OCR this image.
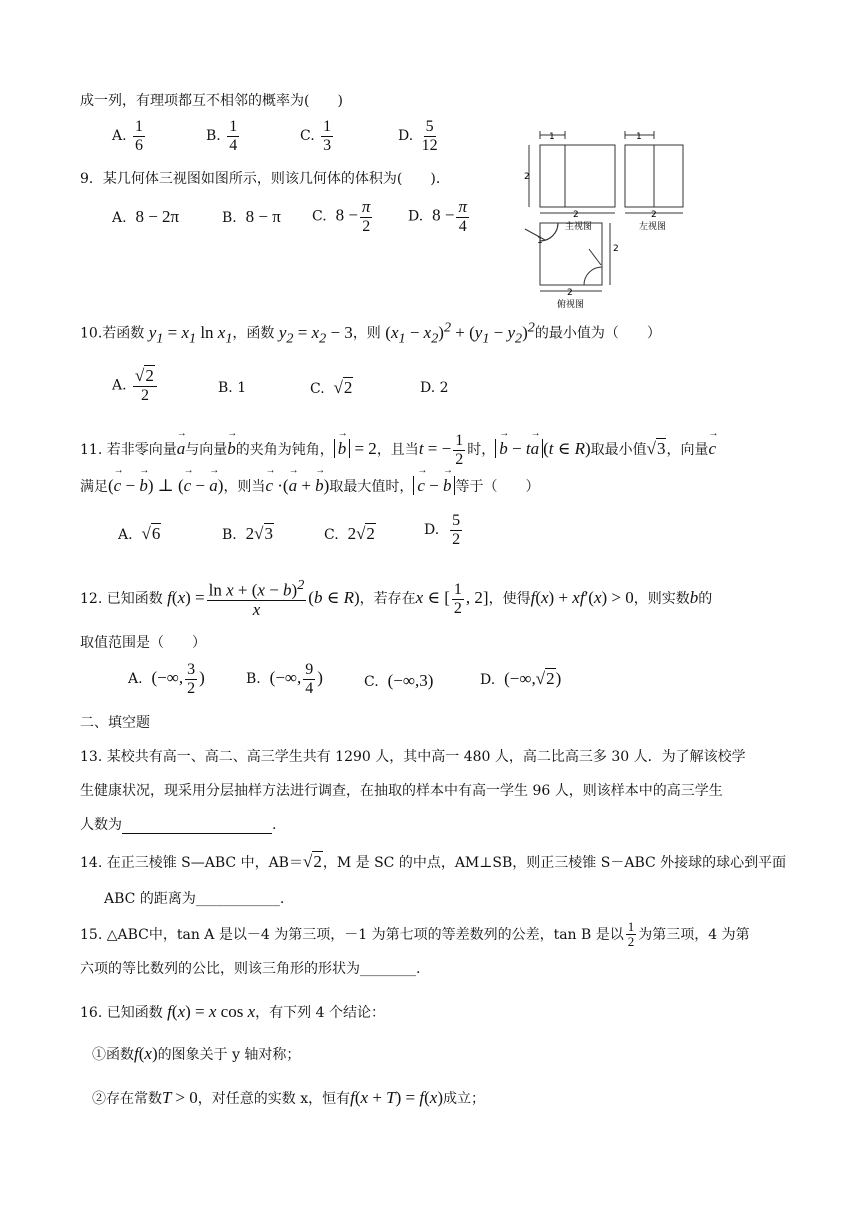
成一列，有理项都互不相邻的概率为(　　)
A. $\frac{1}{6}$	B. $\frac{1}{4}$	C. $\frac{1}{3}$	D. $\frac{5}{12}$
9．某几何体三视图如图所示，则该几何体的体积为(　　)．
A. 8 − 2π	B. 8 − π C. $8 - \frac{\pi}{2}$	D. $8 - \frac{\pi}{4}$
1
2
2
主视图
1
2
左视图
1
2
2
俯视图
10.若函数 $y_1 = x_1$ $\ln x_1$，函数 $y_2 = x_2 - 3$，则 $(x_1 - x_2)^2 + (y_1 - y_2)^2$的最小值为（　　）
A. $\frac{√2}{2}$	B. 1	C. √2	D. 2
11. 若非零向量→ a与向量→ b的夹角为钝角， → b = 2，且当t = − $\frac{1}{2}$ 时， → b − t→ a (t ∈ R)取最小值√3，向量→ c
满足(→ c − → b) ⊥ (→ c − → a)，则当→ c ·(→ a + → b)取最大值时， → c − → b 等于（　　）
A. √6	B. 2√3	C. 2√2	D. $\frac{5}{2}$
12. 已知函数 $f(x) = \frac{\ln x + (x - b)^2}{x} (b$ ∈ R)，若存在x ∈ [ $\frac{1}{2}$ , 2]，使得f(x) + xf′(x) > 0，则实数b的
取值范围是（　　）
A. (−∞, $\frac{3}{2}$ )	B. (−∞, $\frac{9}{4}$ )	C. (−∞,3)	D. (−∞,√2)
二、填空题
13. 某校共有高一、高二、高三学生共有 1290 人，其中高一 480 人，高二比高三多 30 人．为了解该校学
生健康状况，现采用分层抽样方法进行调查，在抽取的样本中有高一学生 96 人，则该样本中的高三学生
人数为	.
14. 在正三棱锥 S—ABC 中，AB＝√2，M 是 SC 的中点，AM⊥SB，则正三棱锥 S－ABC 外接球的球心到平面
ABC 的距离为____________.
15. △ABC中，tan A 是以－4 为第三项，－1 为第七项的等差数列的公差，tan B 是以 $\frac{1}{2}$ 为第三项，4 为第
六项的等比数列的公比，则该三角形的形状为________.
16. 已知函数 f(x) = x cos x，有下列 4 个结论：
①函数f(x)的图象关于 y 轴对称；
②存在常数T > 0，对任意的实数 x，恒有f(x + T) = f(x)成立；
